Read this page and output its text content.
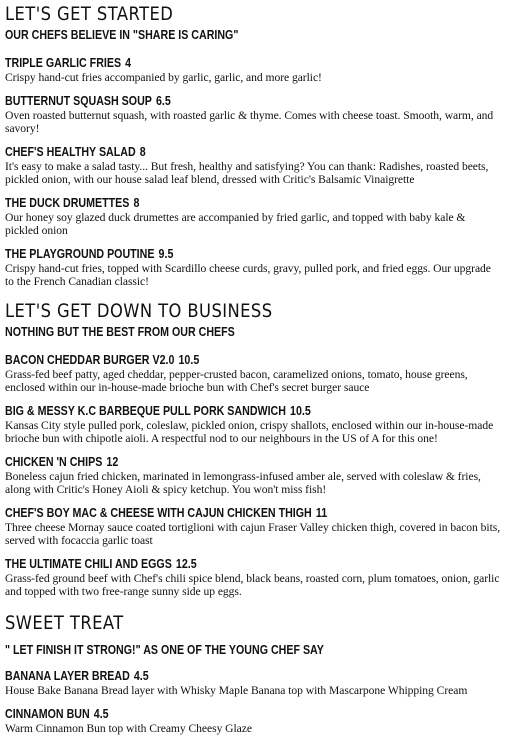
LET'S GET STARTED
OUR CHEFS BELIEVE IN "SHARE IS CARING"
TRIPLE GARLIC FRIES 4
Crispy hand-cut fries accompanied by garlic, garlic, and more garlic!
BUTTERNUT SQUASH SOUP 6.5
Oven roasted butternut squash, with roasted garlic & thyme. Comes with cheese toast. Smooth, warm, and savory!
CHEF'S HEALTHY SALAD 8
It's easy to make a salad tasty... But fresh, healthy and satisfying? You can thank: Radishes, roasted beets, pickled onion, with our house salad leaf blend, dressed with Critic's Balsamic Vinaigrette
THE DUCK DRUMETTES 8
Our honey soy glazed duck drumettes are accompanied by fried garlic, and topped with baby kale & pickled onion
THE PLAYGROUND POUTINE 9.5
Crispy hand-cut fries, topped with Scardillo cheese curds, gravy, pulled pork, and fried eggs. Our upgrade to the French Canadian classic!
LET'S GET DOWN TO BUSINESS
NOTHING BUT THE BEST FROM OUR CHEFS
BACON CHEDDAR BURGER V2.0 10.5
Grass-fed beef patty, aged cheddar, pepper-crusted bacon, caramelized onions, tomato, house greens, enclosed within our in-house-made brioche bun with Chef's secret burger sauce
BIG & MESSY K.C BARBEQUE PULL PORK SANDWICH 10.5
Kansas City style pulled pork, coleslaw, pickled onion, crispy shallots, enclosed within our in-house-made brioche bun with chipotle aioli. A respectful nod to our neighbours in the US of A for this one!
CHICKEN 'N CHIPS 12
Boneless cajun fried chicken, marinated in lemongrass-infused amber ale, served with coleslaw & fries, along with Critic's Honey Aioli & spicy ketchup. You won't miss fish!
CHEF'S BOY MAC & CHEESE WITH CAJUN CHICKEN THIGH 11
Three cheese Mornay sauce coated tortiglioni with cajun Fraser Valley chicken thigh, covered in bacon bits, served with focaccia garlic toast
THE ULTIMATE CHILI AND EGGS 12.5
Grass-fed ground beef with Chef's chili spice blend, black beans, roasted corn, plum tomatoes, onion, garlic and topped with two free-range sunny side up eggs.
SWEET TREAT
" LET FINISH IT STRONG!" AS ONE OF THE YOUNG CHEF SAY
BANANA LAYER BREAD 4.5
House Bake Banana Bread layer with Whisky Maple Banana top with Mascarpone Whipping Cream
CINNAMON BUN 4.5
Warm Cinnamon Bun top with Creamy Cheesy Glaze
